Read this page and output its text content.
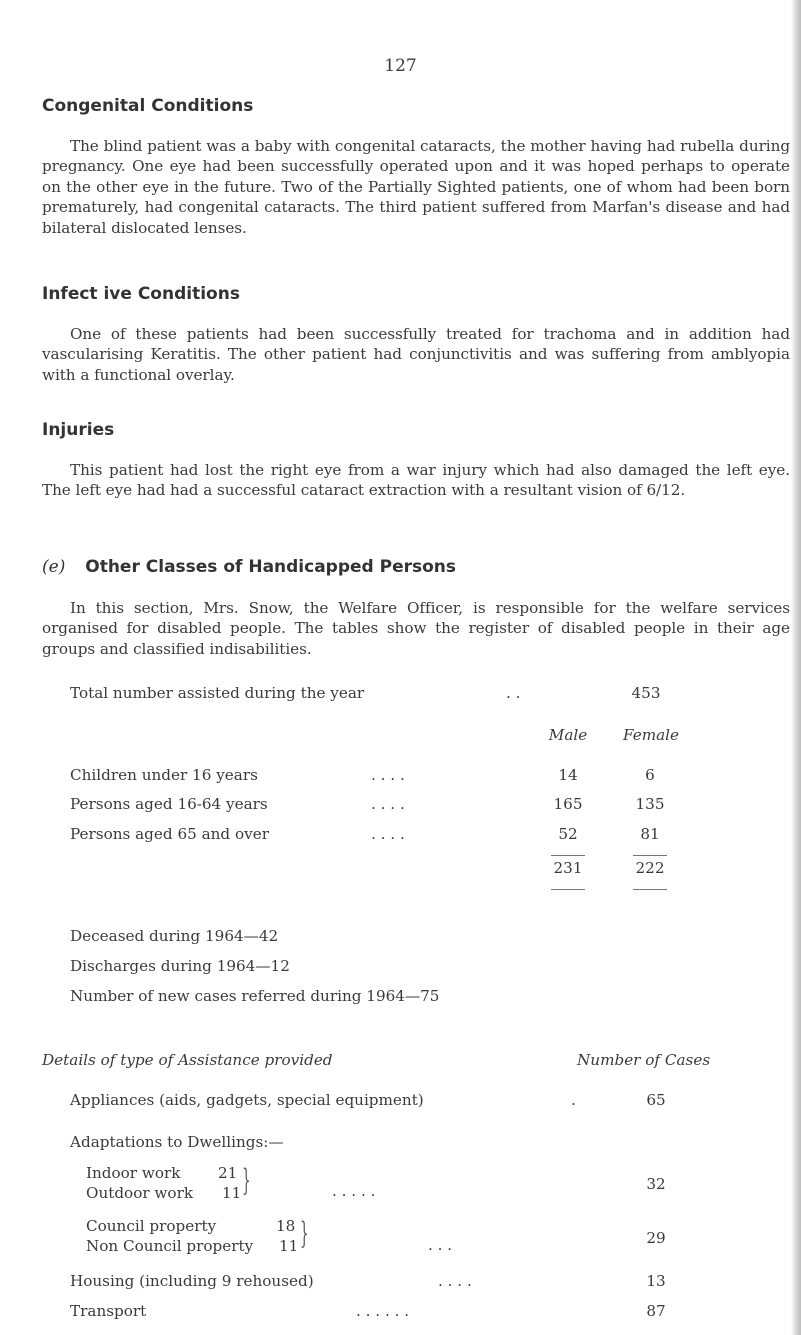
127
Congenital Conditions

The blind patient was a baby with congenital cataracts, the mother having had rubella during pregnancy. One eye had been successfully operated upon and it was hoped perhaps to operate on the other eye in the future. Two of the Partially Sighted patients, one of whom had been born prematurely, had congenital cataracts. The third patient suffered from Marfan's disease and had bilateral dislocated lenses.

Infect ive Conditions

One of these patients had been successfully treated for trachoma and in addition had vascularising Keratitis. The other patient had conjunctivitis and was suffering from amblyopia with a functional overlay.

Injuries

This patient had lost the right eye from a war injury which had also damaged the left eye. The left eye had had a successful cataract extraction with a resultant vision of 6/12.

(e) Other Classes of Handicapped Persons

In this section, Mrs. Snow, the Welfare Officer, is responsible for the welfare services organised for disabled people. The tables show the register of disabled people in their age groups and classified indisabilities.

Total number assisted during the year	. .	453
Male	Female
Children under 16 years	. . . .	14	6
Persons aged 16-64 years	. . . .	165	135
Persons aged 65 and over	. . . .	52	81
231	222
Deceased during 1964—42
Discharges during 1964—12
Number of new cases referred during 1964—75
Details of type of Assistance provided	Number of Cases
Appliances (aids, gadgets, special equipment)	.	65
Adaptations to Dwellings:—
Indoor work 21
Outdoor work 11 }	. . . . .	32
Council property	18
Non Council property 11 }	. . .	29
Housing (including 9 rehoused)	. . . .	13
Transport	. . . . . .	87
